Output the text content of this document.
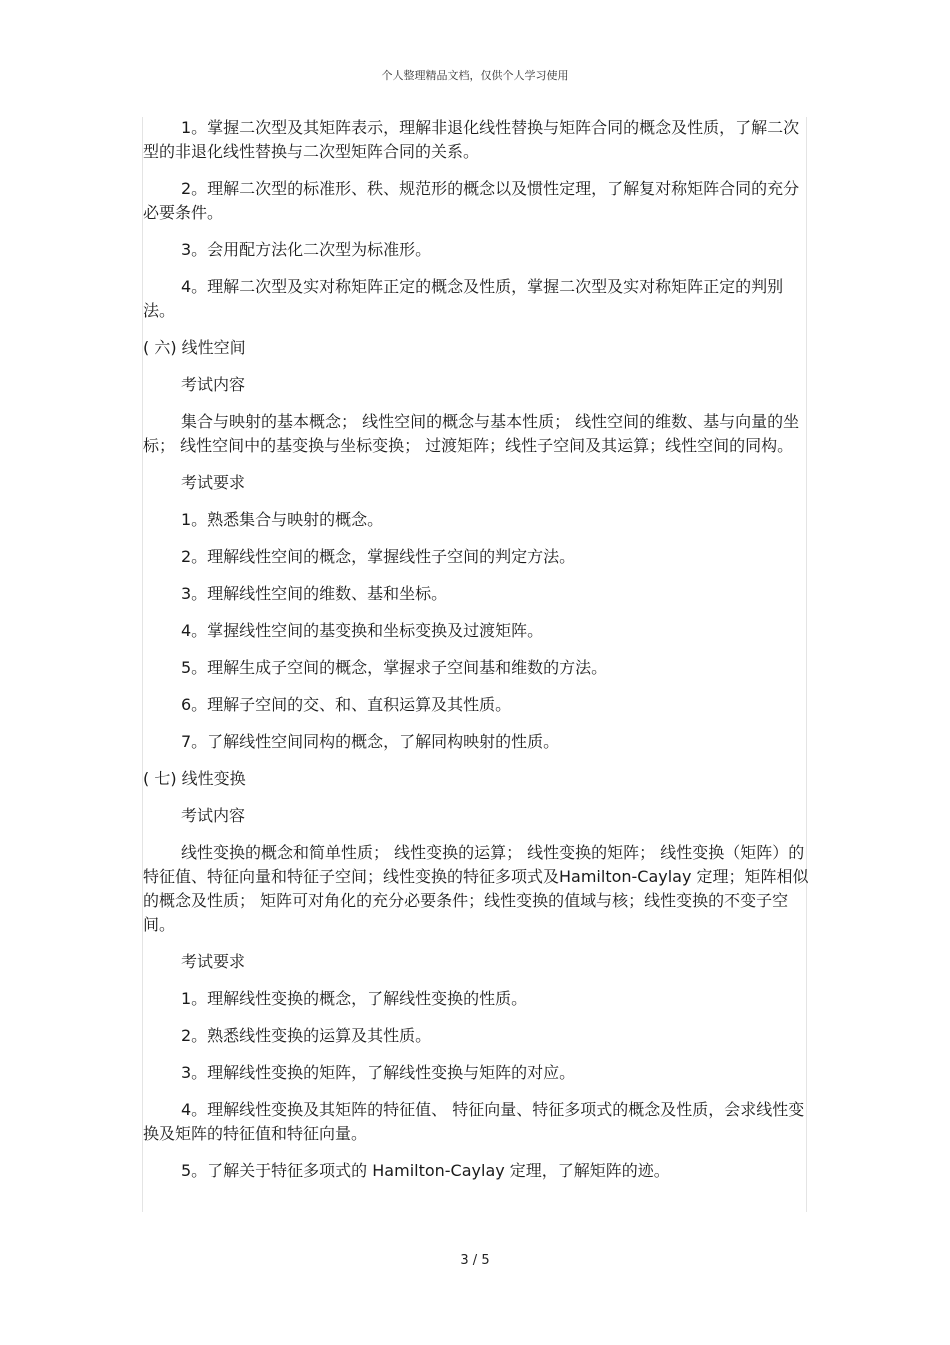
个人整理精品文档，仅供个人学习使用

1。掌握二次型及其矩阵表示，理解非退化线性替换与矩阵合同的概念及性质，了解二次型的非退化线性替换与二次型矩阵合同的关系。

2。理解二次型的标准形、秩、规范形的概念以及惯性定理，了解复对称矩阵合同的充分必要条件。

3。会用配方法化二次型为标准形。

4。理解二次型及实对称矩阵正定的概念及性质，掌握二次型及实对称矩阵正定的判别法。

( 六) 线性空间

考试内容

集合与映射的基本概念； 线性空间的概念与基本性质； 线性空间的维数、基与向量的坐标； 线性空间中的基变换与坐标变换； 过渡矩阵；线性子空间及其运算；线性空间的同构。

考试要求

1。熟悉集合与映射的概念。

2。理解线性空间的概念，掌握线性子空间的判定方法。

3。理解线性空间的维数、基和坐标。

4。掌握线性空间的基变换和坐标变换及过渡矩阵。

5。理解生成子空间的概念，掌握求子空间基和维数的方法。

6。理解子空间的交、和、直积运算及其性质。

7。了解线性空间同构的概念，了解同构映射的性质。

( 七) 线性变换

考试内容

线性变换的概念和简单性质； 线性变换的运算； 线性变换的矩阵； 线性变换（矩阵）的特征值、特征向量和特征子空间；线性变换的特征多项式及Hamilton-Caylay 定理；矩阵相似的概念及性质； 矩阵可对角化的充分必要条件；线性变换的值域与核；线性变换的不变子空间。

考试要求

1。理解线性变换的概念，了解线性变换的性质。

2。熟悉线性变换的运算及其性质。

3。理解线性变换的矩阵，了解线性变换与矩阵的对应。

4。理解线性变换及其矩阵的特征值、 特征向量、特征多项式的概念及性质，会求线性变换及矩阵的特征值和特征向量。

5。了解关于特征多项式的 Hamilton-Caylay 定理，了解矩阵的迹。

3 / 5
